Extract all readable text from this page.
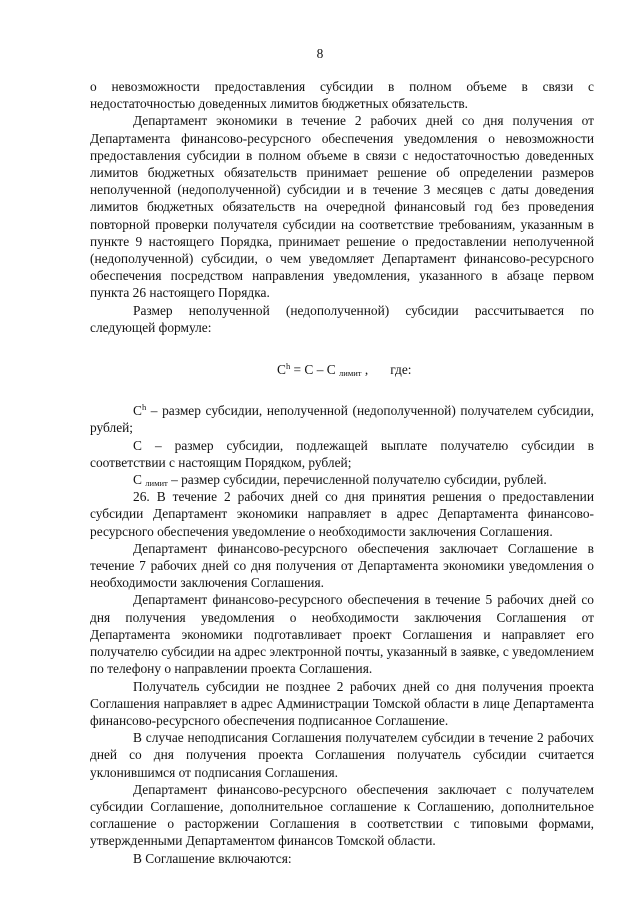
8

о невозможности предоставления субсидии в полном объеме в связи с недостаточностью доведенных лимитов бюджетных обязательств.

Департамент экономики в течение 2 рабочих дней со дня получения от Департамента финансово-ресурсного обеспечения уведомления о невозможности предоставления субсидии в полном объеме в связи с недостаточностью доведенных лимитов бюджетных обязательств принимает решение об определении размеров неполученной (недополученной) субсидии и в течение 3 месяцев с даты доведения лимитов бюджетных обязательств на очередной финансовый год без проведения повторной проверки получателя субсидии на соответствие требованиям, указанным в пункте 9 настоящего Порядка, принимает решение о предоставлении неполученной (недополученной) субсидии, о чем уведомляет Департамент финансово-ресурсного обеспечения посредством направления уведомления, указанного в абзаце первом пункта 26 настоящего Порядка.

Размер неполученной (недополученной) субсидии рассчитывается по следующей формуле:

$С^h = С - С$ $_{лимит}$ , где:

$С^h$ – размер субсидии, неполученной (недополученной) получателем субсидии, рублей;

С – размер субсидии, подлежащей выплате получателю субсидии в соответствии с настоящим Порядком, рублей;

С $_{лимит}$ – размер субсидии, перечисленной получателю субсидии, рублей.

26. В течение 2 рабочих дней со дня принятия решения о предоставлении субсидии Департамент экономики направляет в адрес Департамента финансово-ресурсного обеспечения уведомление о необходимости заключения Соглашения.

Департамент финансово-ресурсного обеспечения заключает Соглашение в течение 7 рабочих дней со дня получения от Департамента экономики уведомления о необходимости заключения Соглашения.

Департамент финансово-ресурсного обеспечения в течение 5 рабочих дней со дня получения уведомления о необходимости заключения Соглашения от Департамента экономики подготавливает проект Соглашения и направляет его получателю субсидии на адрес электронной почты, указанный в заявке, с уведомлением по телефону о направлении проекта Соглашения.

Получатель субсидии не позднее 2 рабочих дней со дня получения проекта Соглашения направляет в адрес Администрации Томской области в лице Департамента финансово-ресурсного обеспечения подписанное Соглашение.

В случае неподписания Соглашения получателем субсидии в течение 2 рабочих дней со дня получения проекта Соглашения получатель субсидии считается уклонившимся от подписания Соглашения.

Департамент финансово-ресурсного обеспечения заключает с получателем субсидии Соглашение, дополнительное соглашение к Соглашению, дополнительное соглашение о расторжении Соглашения в соответствии с типовыми формами, утвержденными Департаментом финансов Томской области.

В Соглашение включаются:
